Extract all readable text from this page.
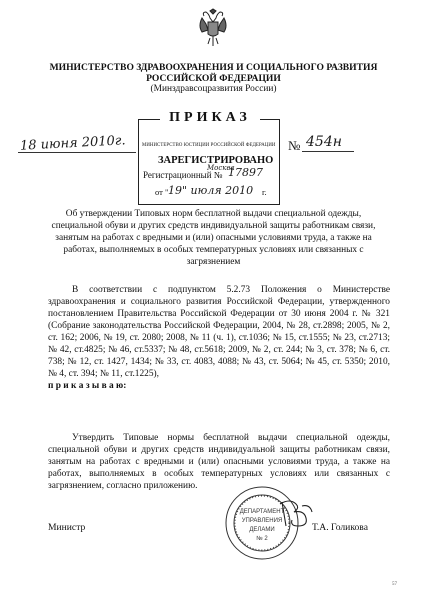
МИНИСТЕРСТВО ЗДРАВООХРАНЕНИЯ И СОЦИАЛЬНОГО РАЗВИТИЯ
РОССИЙСКОЙ ФЕДЕРАЦИИ
(Минздравсоцразвития России)
18 июня 2010г.
ПРИКАЗ
МИНИСТЕРСТВО ЮСТИЦИИ РОССИЙСКОЙ ФЕДЕРАЦИИ
ЗАРЕГИСТРИРОВАНО
Регистрационный №
Москва
17897
от " 19" июля 2010 г.
№ 454н
Об утверждении Типовых норм бесплатной выдачи специальной одежды, специальной обуви и других средств индивидуальной защиты работникам связи, занятым на работах с вредными и (или) опасными условиями труда, а также на работах, выполняемых в особых температурных условиях или связанных с загрязнением
В соответствии с подпунктом 5.2.73 Положения о Министерстве здравоохранения и социального развития Российской Федерации, утвержденного постановлением Правительства Российской Федерации от 30 июня 2004 г. № 321 (Собрание законодательства Российской Федерации, 2004, № 28, ст.2898; 2005, № 2, ст. 162; 2006, № 19, ст. 2080; 2008, № 11 (ч. 1), ст.1036; № 15, ст.1555; № 23, ст.2713; № 42, ст.4825; № 46, ст.5337; № 48, ст.5618; 2009, № 2, ст. 244; № 3, ст. 378; № 6, ст. 738; № 12, ст. 1427, 1434; № 33, ст. 4083, 4088; № 43, ст. 5064; № 45, ст. 5350; 2010, № 4, ст. 394; № 11, ст.1225),
п р и к а з ы в а ю:
Утвердить Типовые нормы бесплатной выдачи специальной одежды, специальной обуви и других средств индивидуальной защиты работникам связи, занятым на работах с вредными и (или) опасными условиями труда, а также на работах, выполняемых в особых температурных условиях или связанных с загрязнением, согласно приложению.
ДЕПАРТАМЕНТ
УПРАВЛЕНИЯ
ДЕЛАМИ
№ 2
Министр	Т.А. Голикова
57
